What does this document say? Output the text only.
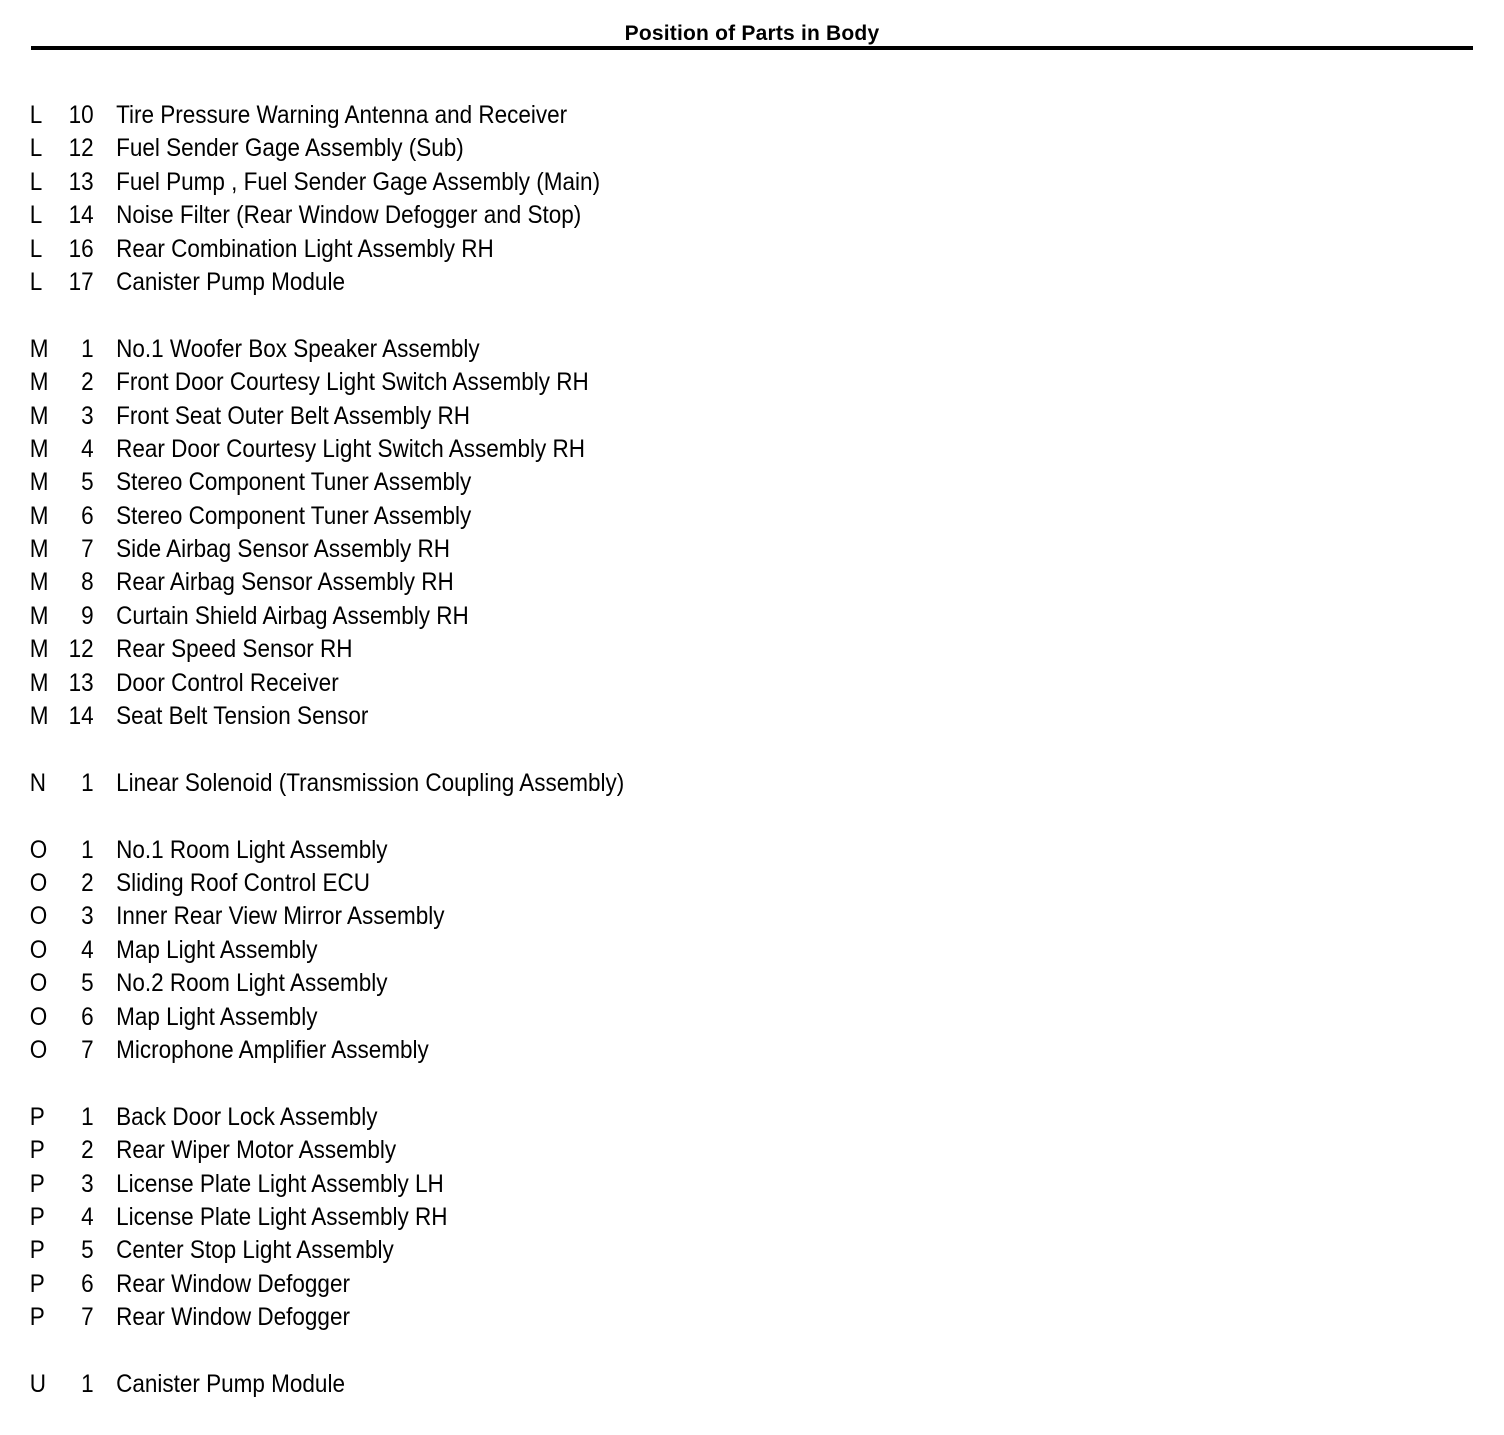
Position of Parts in Body
L	10 Tire Pressure Warning Antenna and Receiver
L	12 Fuel Sender Gage Assembly (Sub)
L	13 Fuel Pump , Fuel Sender Gage Assembly (Main)
L	14 Noise Filter (Rear Window Defogger and Stop)
L	16 Rear Combination Light Assembly RH
L	17 Canister Pump Module
M	1 No.1 Woofer Box Speaker Assembly
M	2 Front Door Courtesy Light Switch Assembly RH
M	3 Front Seat Outer Belt Assembly RH
M	4 Rear Door Courtesy Light Switch Assembly RH
M	5 Stereo Component Tuner Assembly
M	6 Stereo Component Tuner Assembly
M	7 Side Airbag Sensor Assembly RH
M	8 Rear Airbag Sensor Assembly RH
M	9 Curtain Shield Airbag Assembly RH
M 12 Rear Speed Sensor RH
M 13 Door Control Receiver
M 14 Seat Belt Tension Sensor
N	1 Linear Solenoid (Transmission Coupling Assembly)
O	1 No.1 Room Light Assembly
O	2 Sliding Roof Control ECU
O	3 Inner Rear View Mirror Assembly
O	4 Map Light Assembly
O	5 No.2 Room Light Assembly
O	6 Map Light Assembly
O	7 Microphone Amplifier Assembly
P	1 Back Door Lock Assembly
P	2 Rear Wiper Motor Assembly
P	3 License Plate Light Assembly LH
P	4 License Plate Light Assembly RH
P	5 Center Stop Light Assembly
P	6 Rear Window Defogger
P	7 Rear Window Defogger
U	1 Canister Pump Module
